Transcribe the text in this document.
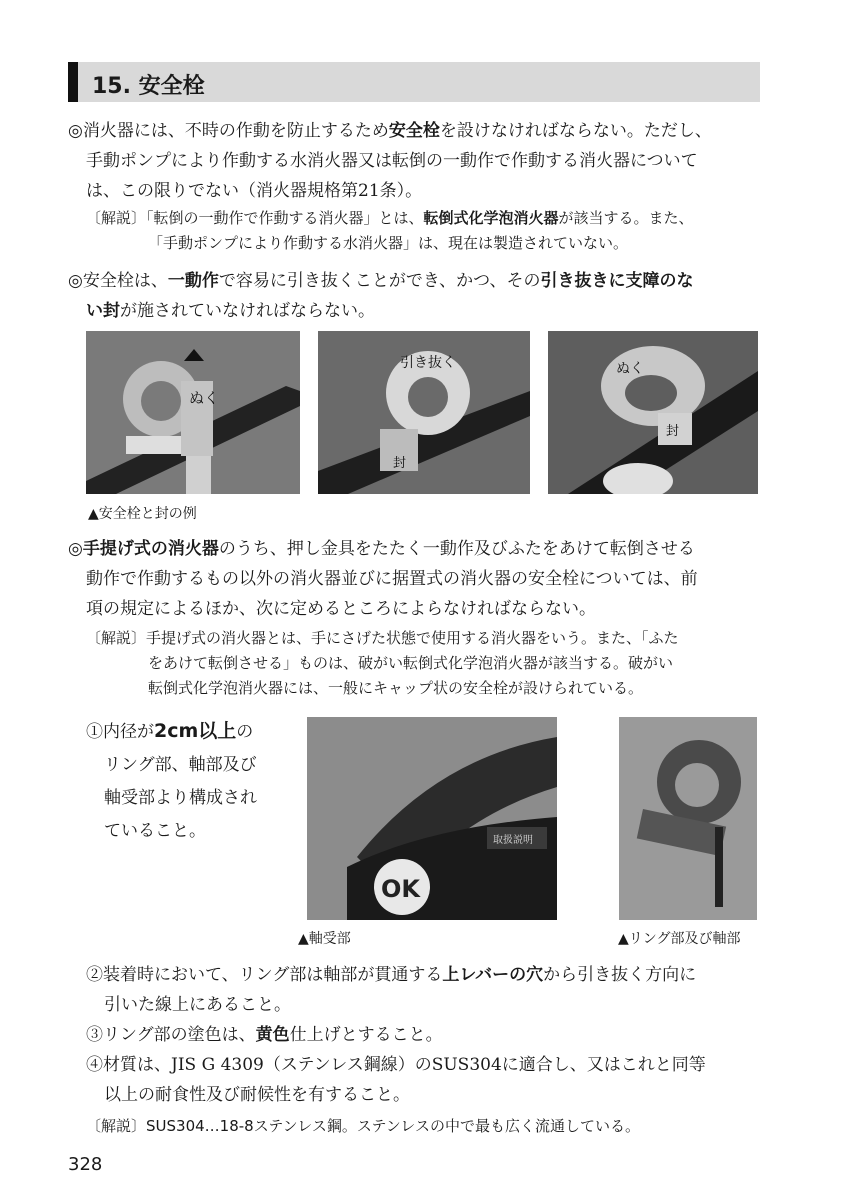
15. 安全栓
◎消火器には、不時の作動を防止するため安全栓を設けなければならない。ただし、
手動ポンプにより作動する水消火器又は転倒の一動作で作動する消火器について
は、この限りでない（消火器規格第21条）。
〔解説〕「転倒の一動作で作動する消火器」とは、転倒式化学泡消火器が該当する。また、
「手動ポンプにより作動する水消火器」は、現在は製造されていない。
◎安全栓は、一動作で容易に引き抜くことができ、かつ、その引き抜きに支障のな
い封が施されていなければならない。
ぬく
引き抜く
封
ぬく
封
▲安全栓と封の例
◎手提げ式の消火器のうち、押し金具をたたく一動作及びふたをあけて転倒させる
動作で作動するもの以外の消火器並びに据置式の消火器の安全栓については、前
項の規定によるほか、次に定めるところによらなければならない。
〔解説〕手提げ式の消火器とは、手にさげた状態で使用する消火器をいう。また、「ふた
をあけて転倒させる」ものは、破がい転倒式化学泡消火器が該当する。破がい
転倒式化学泡消火器には、一般にキャップ状の安全栓が設けられている。
①内径が2cm以上の
リング部、軸部及び
軸受部より構成され
ていること。	取扱説明
OK
▲軸受部	▲リング部及び軸部
②装着時において、リング部は軸部が貫通する上レバーの穴から引き抜く方向に
引いた線上にあること。
③リング部の塗色は、黄色仕上げとすること。
④材質は、JIS G 4309（ステンレス鋼線）のSUS304に適合し、又はこれと同等
以上の耐食性及び耐候性を有すること。
〔解説〕SUS304…18-8ステンレス鋼。ステンレスの中で最も広く流通している。
328
